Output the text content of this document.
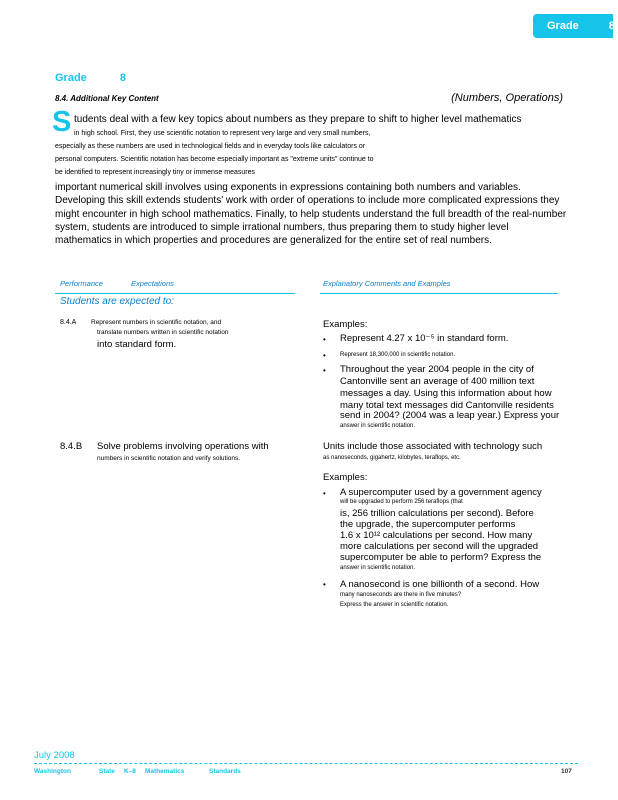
Grade	8
Grade	8
8.4. Additional Key Content	(Numbers, Operations)
S tudents deal with a few key topics about numbers as they prepare to shift to higher level mathematics
in high school. First, they use scientific notation to represent very large and very small numbers,
especially as these numbers are used in technological fields and in everyday tools like calculators or
personal computers. Scientific notation has become especially important as "extreme units" continue to
be identified to represent increasingly tiny or immense measures
important numerical skill involves using exponents in expressions containing both numbers and variables. Developing this skill extends students' work with order of operations to include more complicated expressions they might encounter in high school mathematics. Finally, to help students understand the full breadth of the real-number system, students are introduced to simple irrational numbers, thus preparing them to study higher level mathematics in which properties and procedures are generalized for the entire set of real numbers.
Performance	Expectations	Explanatory Comments and Examples
Students are expected to:
8.4.A Represent numbers in scientific notation, and
translate numbers written in scientific notation
into standard form.
Examples:
• Represent 4.27 x 10⁻⁵ in standard form.
• Represent 18,300,000 in scientific notation.
• Throughout the year 2004 people in the city of
Cantonville sent an average of 400 million text
messages a day. Using this information about how
many total text messages did Cantonville residents
send in 2004? (2004 was a leap year.) Express your
answer in scientific notation.
8.4.B Solve problems involving operations with
numbers in scientific notation and verify solutions.
Units include those associated with technology such
as nanoseconds, gigahertz, kilobytes, teraflops, etc.
Examples:
• A supercomputer used by a government agency
will be upgraded to perform 256 teraflops (that
is, 256 trillion calculations per second). Before
the upgrade, the supercomputer performs
1.6 x 10¹² calculations per second. How many
more calculations per second will the upgraded
supercomputer be able to perform? Express the
answer in scientific notation.
• A nanosecond is one billionth of a second. How
many nanoseconds are there in five minutes?
Express the answer in scientific notation.
July 2008
Washington	State K–8 Mathematics	Standards	107
